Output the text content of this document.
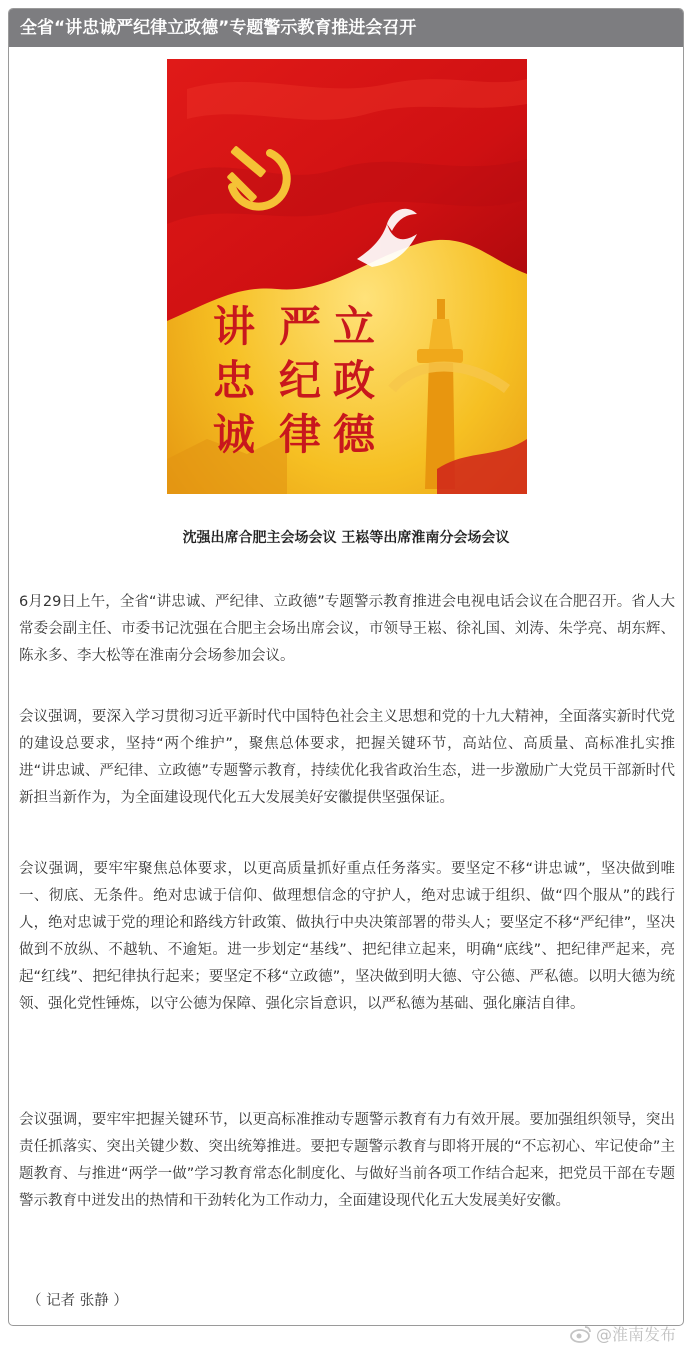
全省“讲忠诚严纪律立政德”专题警示教育推进会召开
讲
忠
诚
严
纪
律
立
政
德
沈强出席合肥主会场会议 王崧等出席淮南分会场会议
6月29日上午，全省“讲忠诚、严纪律、立政德”专题警示教育推进会电视电话会议在合肥召开。省人大常委会副主任、市委书记沈强在合肥主会场出席会议，市领导王崧、徐礼国、刘涛、朱学亮、胡东辉、陈永多、李大松等在淮南分会场参加会议。
会议强调，要深入学习贯彻习近平新时代中国特色社会主义思想和党的十九大精神，全面落实新时代党的建设总要求，坚持“两个维护”，聚焦总体要求，把握关键环节，高站位、高质量、高标准扎实推进“讲忠诚、严纪律、立政德”专题警示教育，持续优化我省政治生态，进一步激励广大党员干部新时代新担当新作为，为全面建设现代化五大发展美好安徽提供坚强保证。
会议强调，要牢牢聚焦总体要求，以更高质量抓好重点任务落实。要坚定不移“讲忠诚”，坚决做到唯一、彻底、无条件。绝对忠诚于信仰、做理想信念的守护人，绝对忠诚于组织、做“四个服从”的践行人，绝对忠诚于党的理论和路线方针政策、做执行中央决策部署的带头人；要坚定不移“严纪律”，坚决做到不放纵、不越轨、不逾矩。进一步划定“基线”、把纪律立起来，明确“底线”、把纪律严起来，亮起“红线”、把纪律执行起来；要坚定不移“立政德”，坚决做到明大德、守公德、严私德。以明大德为统领、强化党性锤炼，以守公德为保障、强化宗旨意识，以严私德为基础、强化廉洁自律。
会议强调，要牢牢把握关键环节，以更高标准推动专题警示教育有力有效开展。要加强组织领导，突出责任抓落实、突出关键少数、突出统筹推进。要把专题警示教育与即将开展的“不忘初心、牢记使命”主题教育、与推进“两学一做”学习教育常态化制度化、与做好当前各项工作结合起来，把党员干部在专题警示教育中迸发出的热情和干劲转化为工作动力，全面建设现代化五大发展美好安徽。
（ 记者 张静 ）
@淮南发布
